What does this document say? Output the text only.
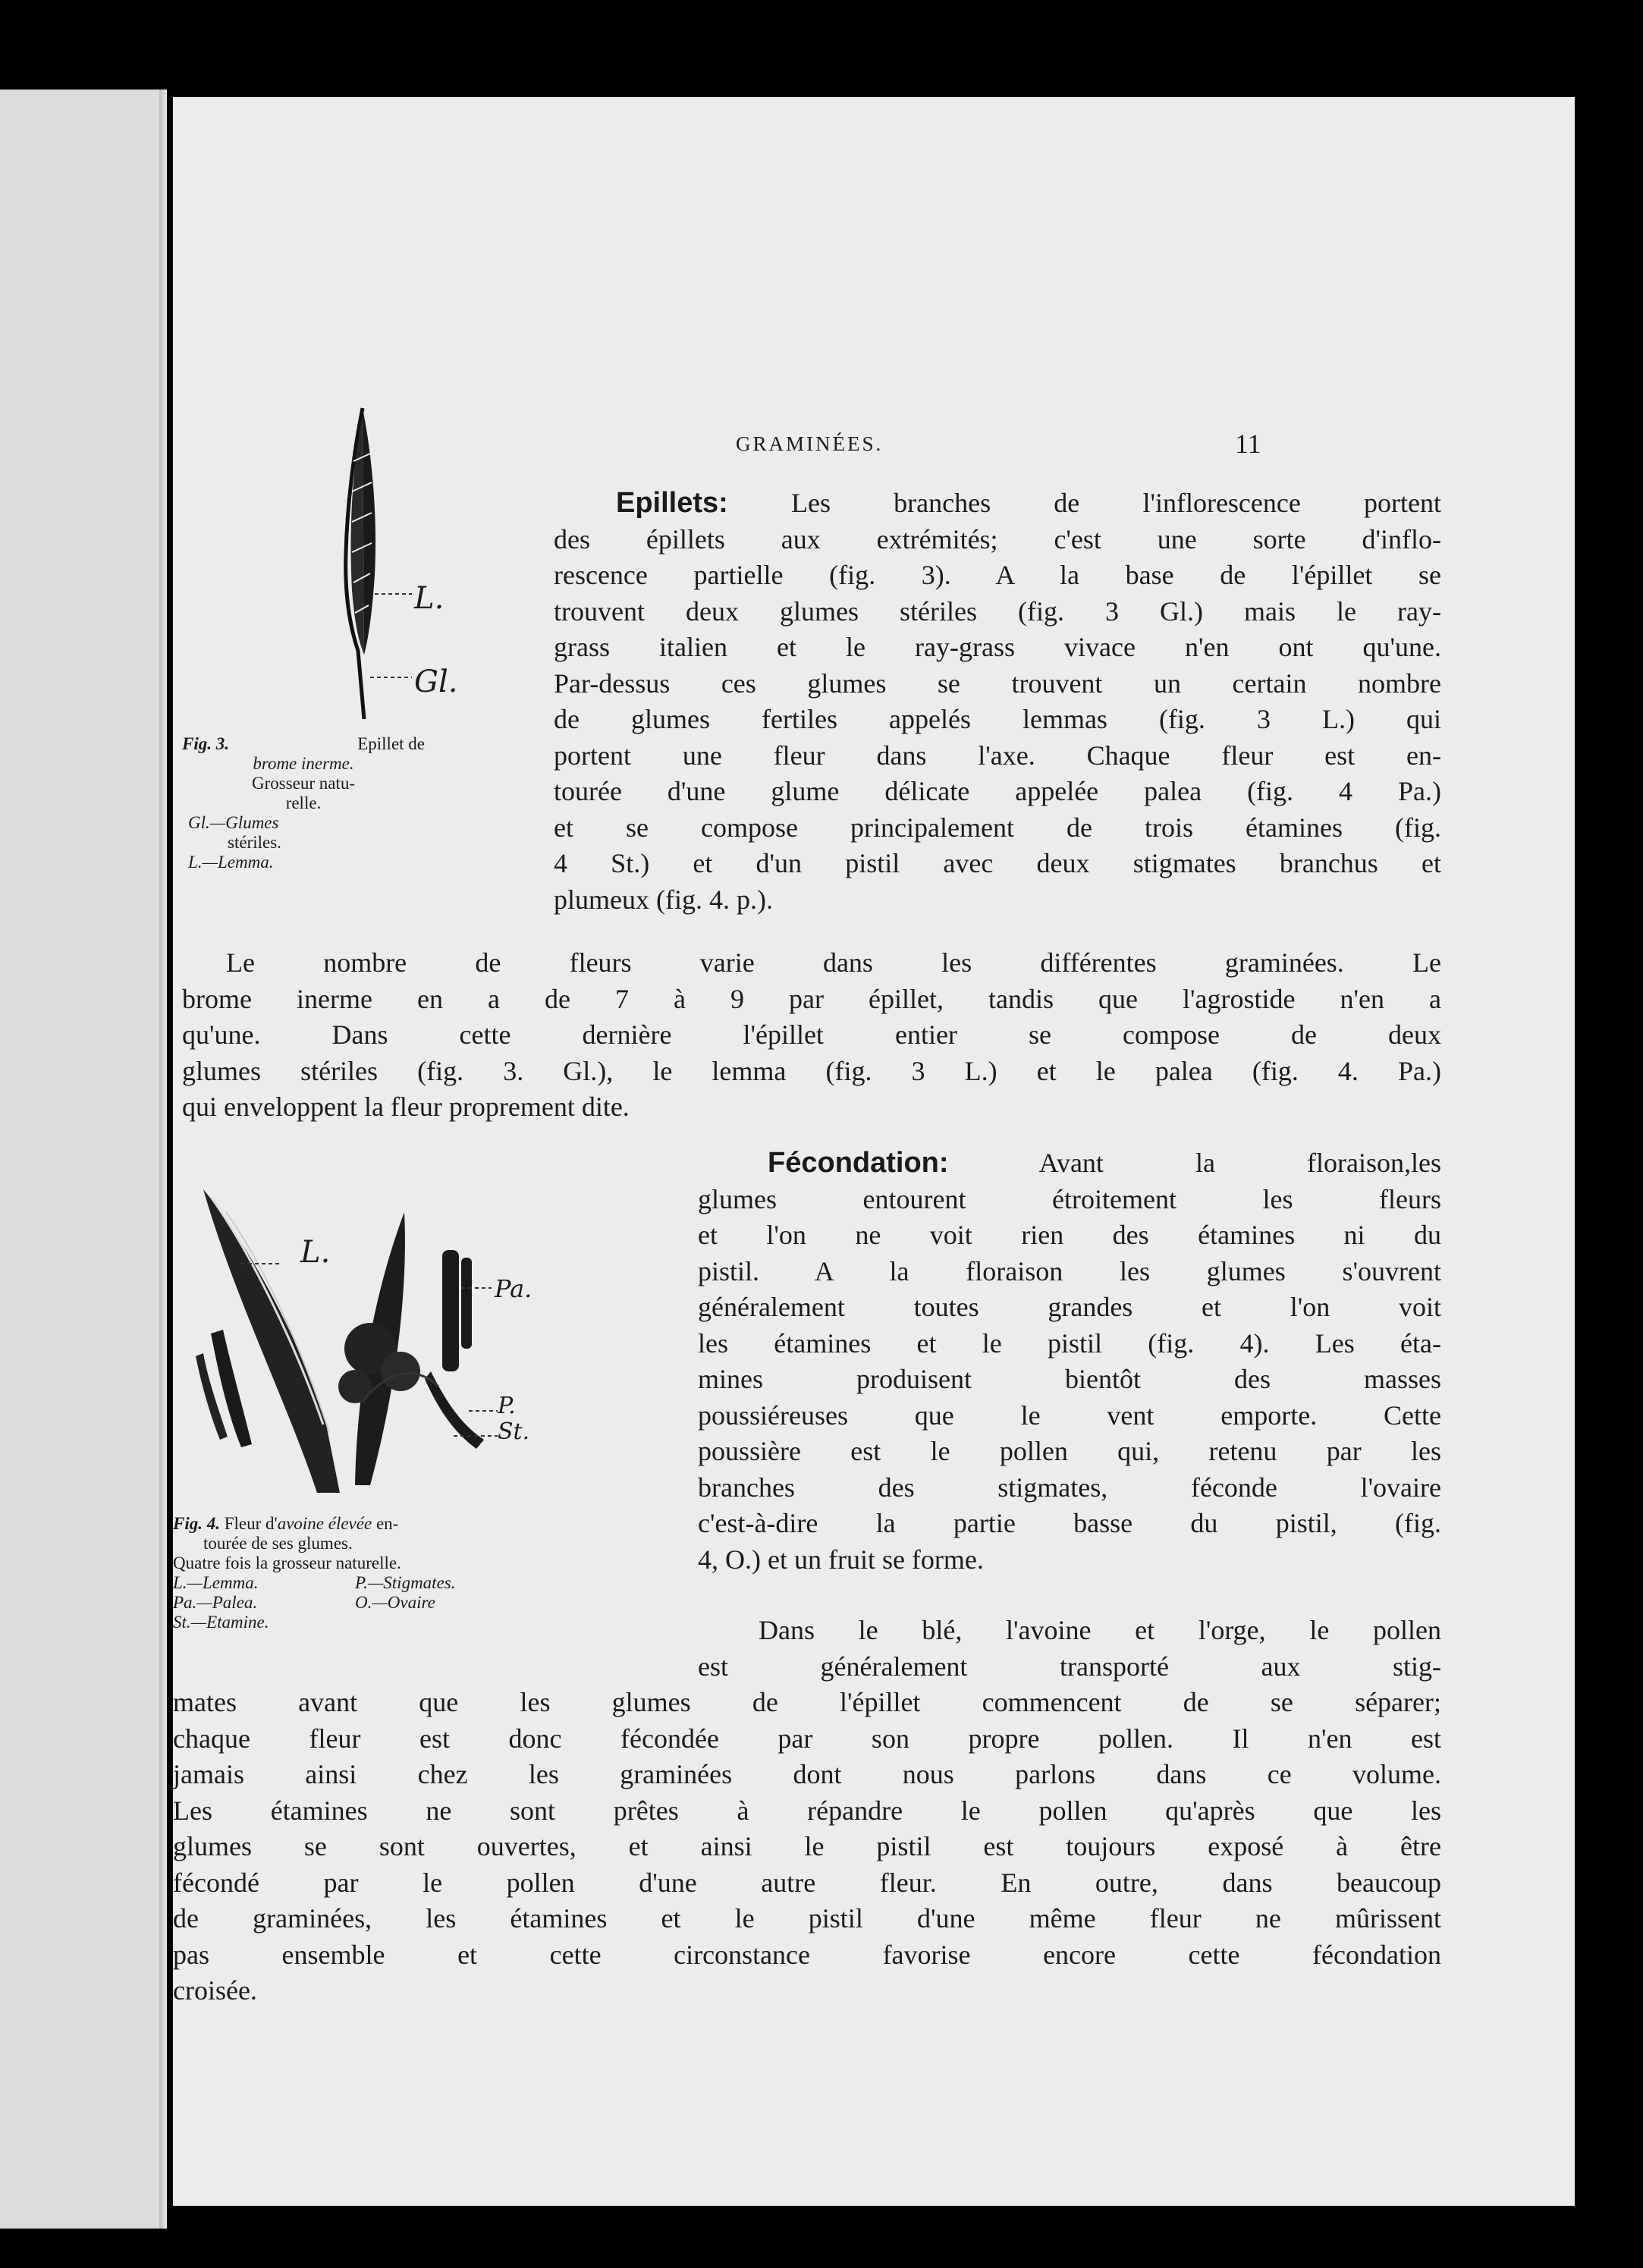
GRAMINÉES.	11
L.
Gl.
Fig. 3.	Epillet de
brome inerme.
Grosseur natu-
relle.
Gl.—Glumes
stériles.
L.—Lemma.
Epillets: Les branches de l'inflorescence portent
des épillets aux extrémités; c'est une sorte d'inflo-
rescence partielle (fig. 3). A la base de l'épillet se
trouvent deux glumes stériles (fig. 3 Gl.) mais le ray-
grass italien et le ray-grass vivace n'en ont qu'une.
Par-dessus ces glumes se trouvent un certain nombre
de glumes fertiles appelés lemmas (fig. 3 L.) qui
portent une fleur dans l'axe. Chaque fleur est en-
tourée d'une glume délicate appelée palea (fig. 4 Pa.)
et se compose principalement de trois étamines (fig.
4 St.) et d'un pistil avec deux stigmates branchus et
plumeux (fig. 4. p.).
Le nombre de fleurs varie dans les différentes graminées. Le
brome inerme en a de 7 à 9 par épillet, tandis que l'agrostide n'en a
qu'une. Dans cette dernière l'épillet entier se compose de deux
glumes stériles (fig. 3. Gl.), le lemma (fig. 3 L.) et le palea (fig. 4. Pa.)
qui enveloppent la fleur proprement dite.
L.
Pa.
P.
St.
Fig. 4. Fleur d'avoine élevée en-
tourée de ses glumes.
Quatre fois la grosseur naturelle.
L.—Lemma.
Pa.—Palea.
St.—Etamine.
P.—Stigmates.
O.—Ovaire
Fécondation:	Avant la floraison,les
glumes entourent étroitement les fleurs
et l'on ne voit rien des étamines ni du
pistil. A la floraison les glumes s'ouvrent
généralement toutes grandes et l'on voit
les étamines et le pistil (fig. 4). Les éta-
mines produisent bientôt des masses
poussiéreuses que le vent emporte. Cette
poussière est le pollen qui, retenu par les
branches des stigmates, féconde l'ovaire
c'est-à-dire la partie basse du pistil, (fig.
4, O.) et un fruit se forme.
Dans le blé, l'avoine et l'orge, le pollen
est généralement transporté aux stig-
mates avant que les glumes de l'épillet commencent de se séparer;
chaque fleur est donc fécondée par son propre pollen. Il n'en est
jamais ainsi chez les graminées dont nous parlons dans ce volume.
Les étamines ne sont prêtes à répandre le pollen qu'après que les
glumes se sont ouvertes, et ainsi le pistil est toujours exposé à être
fécondé par le pollen d'une autre fleur. En outre, dans beaucoup
de graminées, les étamines et le pistil d'une même fleur ne mûrissent
pas ensemble et cette circonstance favorise encore cette fécondation
croisée.
